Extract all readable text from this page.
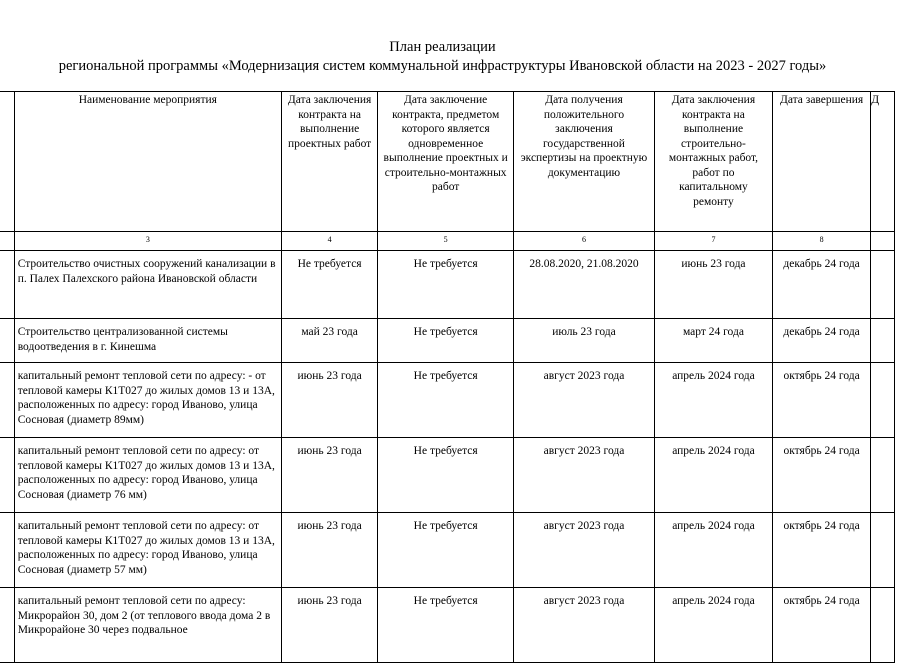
План реализации
региональной программы «Модернизация систем коммунальной инфраструктуры Ивановской области на 2023 - 2027 годы»
	Наименование мероприятия	Дата заключения контракта на выполнение проектных работ	Дата заключение контракта, предметом которого является одновременное выполнение проектных и строительно-монтажных работ	Дата получения положительного заключения государственной экспертизы на проектную документацию	Дата заключения контракта на выполнение строительно-монтажных работ, работ по капитальному ремонту	Дата завершения	Д
	3	4	5	6	7	8	
	Строительство очистных сооружений канализации в п. Палех Палехского района Ивановской области	Не требуется	Не требуется	28.08.2020, 21.08.2020	июнь 23 года	декабрь 24 года	
	Строительство централизованной системы водоотведения в г. Кинешма	май 23 года	Не требуется	июль 23 года	март 24 года	декабрь 24 года	
	капитальный ремонт тепловой сети по адресу: - от тепловой камеры К1Т027 до жилых домов 13 и 13А, расположенных по адресу: город Иваново, улица Сосновая (диаметр 89мм)	июнь 23 года	Не требуется	август 2023 года	апрель 2024 года	октябрь 24 года	
	капитальный ремонт тепловой сети по адресу: от тепловой камеры К1Т027 до жилых домов 13 и 13А, расположенных по адресу: город Иваново, улица Сосновая (диаметр 76 мм)	июнь 23 года	Не требуется	август 2023 года	апрель 2024 года	октябрь 24 года	
	капитальный ремонт тепловой сети по адресу: от тепловой камеры К1Т027 до жилых домов 13 и 13А, расположенных по адресу: город Иваново, улица Сосновая (диаметр 57 мм)	июнь 23 года	Не требуется	август 2023 года	апрель 2024 года	октябрь 24 года	
	капитальный ремонт тепловой сети по адресу: Микрорайон 30, дом 2 (от теплового ввода дома 2 в Микрорайоне 30 через подвальное	июнь 23 года	Не требуется	август 2023 года	апрель 2024 года	октябрь 24 года	
